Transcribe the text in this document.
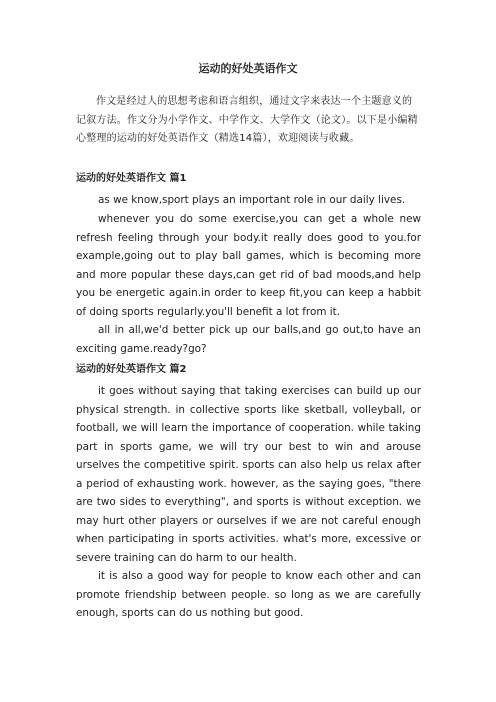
运动的好处英语作文
作文是经过人的思想考虑和语言组织，通过文字来表达一个主题意义的记叙方法。作文分为小学作文、中学作文、大学作文（论文）。以下是小编精心整理的运动的好处英语作文（精选14篇），欢迎阅读与收藏。
运动的好处英语作文 篇1
as we know,sport plays an important role in our daily lives.
whenever you do some exercise,you can get a whole new refresh feeling through your body.it really does good to you.for example,going out to play ball games, which is becoming more and more popular these days,can get rid of bad moods,and help you be energetic again.in order to keep fit,you can keep a habbit of doing sports regularly.you'll benefit a lot from it.
all in all,we'd better pick up our balls,and go out,to have an exciting game.ready?go?
运动的好处英语作文 篇2
it goes without saying that taking exercises can build up our physical strength. in collective sports like sketball, volleyball, or football, we will learn the importance of cooperation. while taking part in sports game, we will try our best to win and arouse urselves the competitive spirit. sports can also help us relax after a period of exhausting work. however, as the saying goes, "there are two sides to everything", and sports is without exception. we may hurt other players or ourselves if we are not careful enough when participating in sports activities. what's more, excessive or severe training can do harm to our health.
it is also a good way for people to know each other and can promote friendship between people. so long as we are carefully enough, sports can do us nothing but good.
